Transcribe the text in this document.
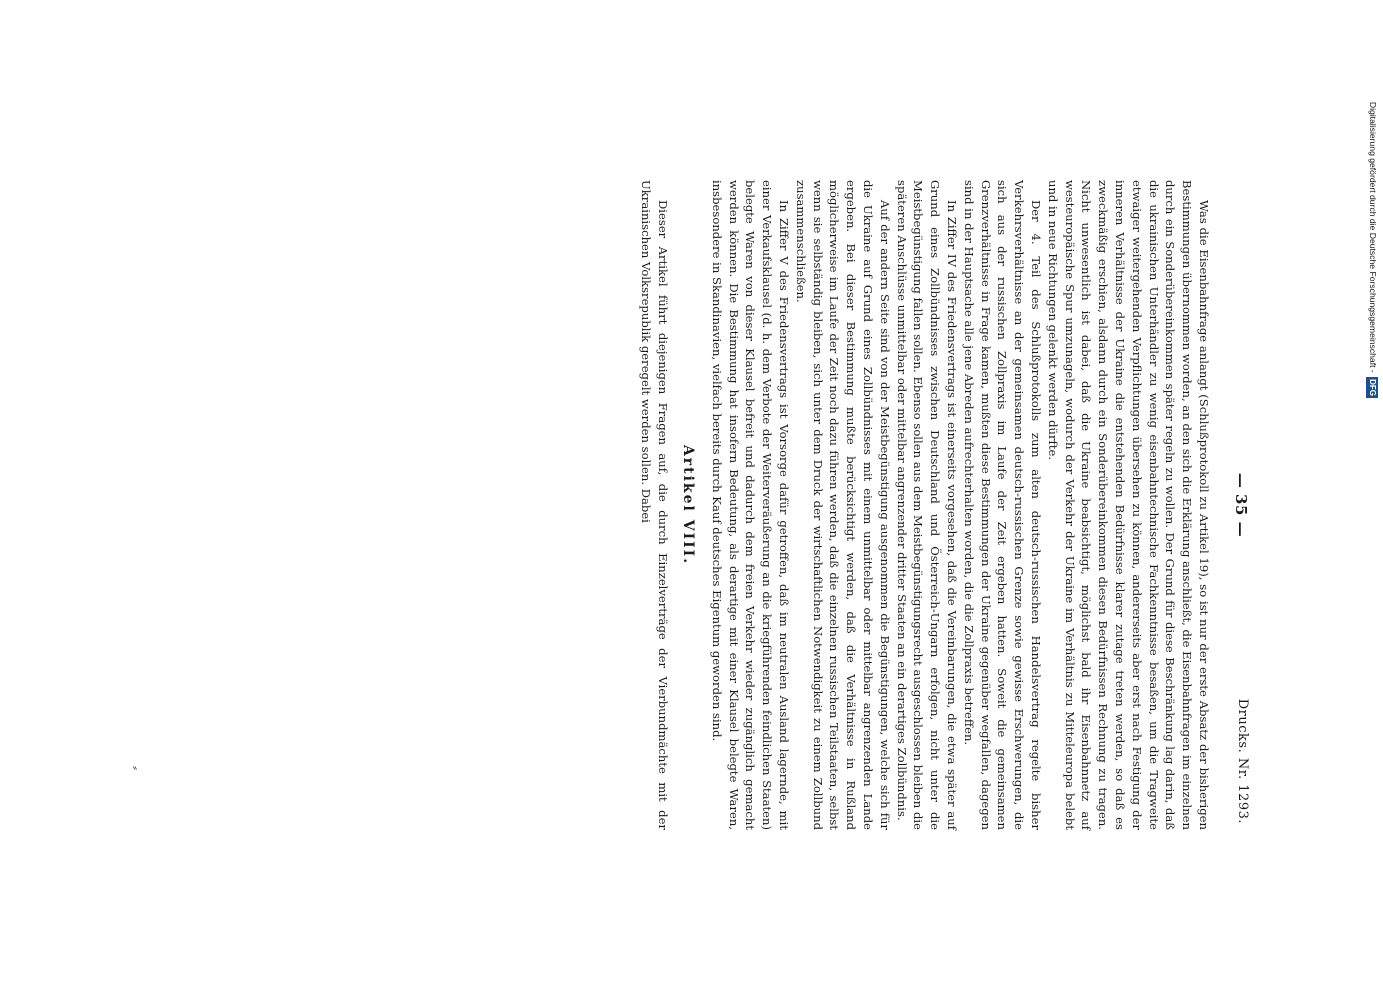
— 35 —
Drucks. Nr. 1293.

Was die Eisenbahnfrage anlangt (Schlußprotokoll zu Artikel 19), so ist nur der erste Absatz der bisherigen Bestimmungen übernommen worden, an den sich die Erklärung anschließt, die Eisenbahnfragen im einzelnen durch ein Sonderübereinkommen später regeln zu wollen. Der Grund für diese Beschränkung lag darin, daß die ukrainischen Unterhändler zu wenig eisenbahntechnische Fachkenntnisse besaßen, um die Tragweite etwaiger weitergehenden Verpflichtungen übersehen zu können, andererseits aber erst nach Festigung der inneren Verhältnisse der Ukraine die entstehenden Bedürfnisse klarer zutage treten werden, so daß es zweckmäßig erschien, alsdann durch ein Sonderübereinkommen diesen Bedürfnissen Rechnung zu tragen. Nicht unwesentlich ist dabei, daß die Ukraine beabsichtigt, möglichst bald ihr Eisenbahnnetz auf westeuropäische Spur umzunageln, wodurch der Verkehr der Ukraine im Verhältnis zu Mitteleuropa belebt und in neue Richtungen gelenkt werden dürfte.

Der 4. Teil des Schlußprotokolls zum alten deutsch-russischen Handelsvertrag regelte bisher Verkehrsverhältnisse an der gemeinsamen deutsch-russischen Grenze sowie gewisse Erschwerungen, die sich aus der russischen Zollpraxis im Laufe der Zeit ergeben hatten. Soweit die gemeinsamen Grenzverhältnisse in Frage kamen, mußten diese Bestimmungen der Ukraine gegenüber wegfallen, dagegen sind in der Hauptsache alle jene Abreden aufrechterhalten worden, die die Zollpraxis betreffen.

In Ziffer IV des Friedensvertrags ist einerseits vorgesehen, daß die Vereinbarungen, die etwa später auf Grund eines Zollbündnisses zwischen Deutschland und Österreich-Ungarn erfolgen, nicht unter die Meistbegünstigung fallen sollen. Ebenso sollen aus dem Meistbegünstigungsrecht ausgeschlossen bleiben die späteren Anschlüsse unmittelbar oder mittelbar angrenzender dritter Staaten an ein derartiges Zollbündnis.

Auf der andern Seite sind von der Meistbegünstigung ausgenommen die Begünstigungen, welche sich für die Ukraine auf Grund eines Zollbündnisses mit einem unmittelbar oder mittelbar angrenzenden Lande ergeben. Bei dieser Bestimmung mußte berücksichtigt werden, daß die Verhältnisse in Rußland möglicherweise im Laufe der Zeit noch dazu führen werden, daß die einzelnen russischen Teilstaaten, selbst wenn sie selbständig bleiben, sich unter dem Druck der wirtschaftlichen Notwendigkeit zu einem Zollbund zusammenschließen.

In Ziffer V des Friedensvertrags ist Vorsorge dafür getroffen, daß im neutralen Ausland lagernde, mit einer Verkaufsklausel (d. h. dem Verbote der Weiterveräußerung an die kriegführenden feindlichen Staaten) belegte Waren von dieser Klausel befreit und dadurch dem freien Verkehr wieder zugänglich gemacht werden können. Die Bestimmung hat insofern Bedeutung, als derartige mit einer Klausel belegte Waren, insbesondere in Skandinavien, vielfach bereits durch Kauf deutsches Eigentum geworden sind.

Artikel VIII.

Dieser Artikel führt diejenigen Fragen auf, die durch Einzelverträge der Vierbundmächte mit der Ukrainischen Volksrepublik geregelt werden sollen. Dabei

⸗
Digitalisierung gefördert durch die Deutsche Forschungsgemeinschaft - DFG
